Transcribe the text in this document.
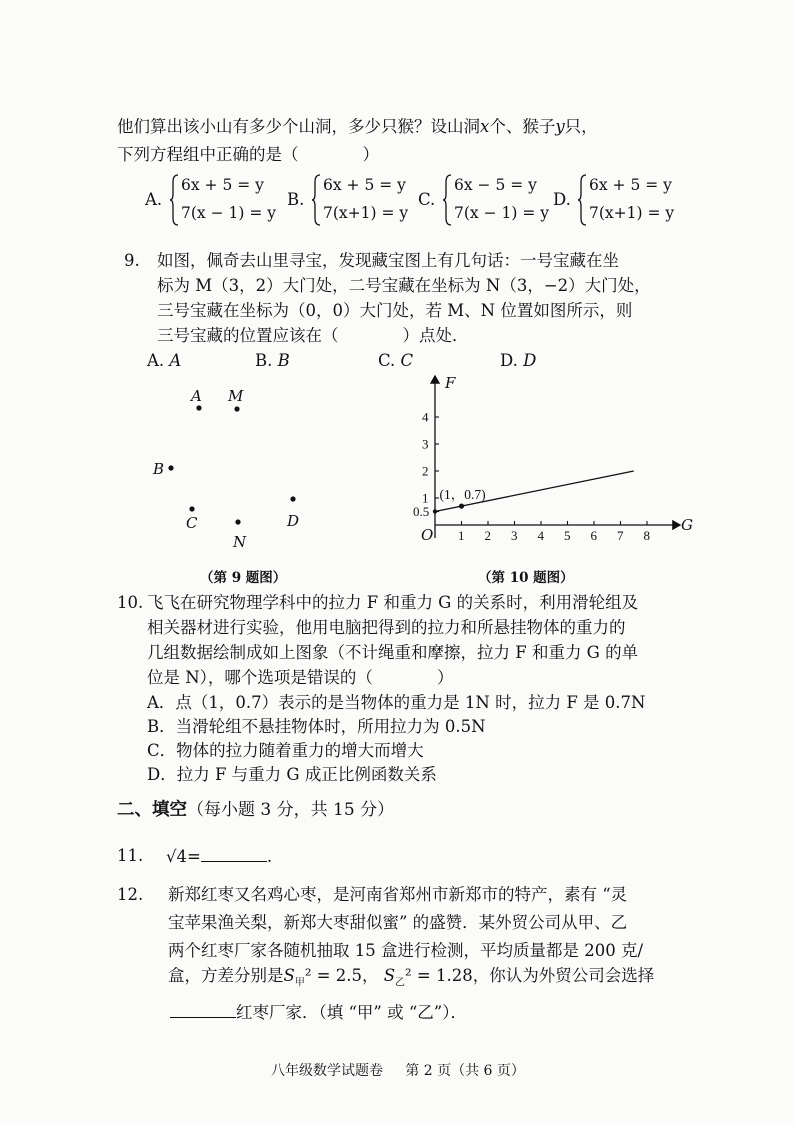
他们算出该小山有多少个山洞，多少只猴？设山洞x个、猴子y只，
下列方程组中正确的是（	）
A.
6x + 5 = y
7(x − 1) = y
B.
6x + 5 = y
7(x+1) = y
C.
6x − 5 = y
7(x − 1) = y
D.
6x + 5 = y
7(x+1) = y
9. 如图，佩奇去山里寻宝，发现藏宝图上有几句话：一号宝藏在坐
标为 M（3，2）大门处，二号宝藏在坐标为 N（3，−2）大门处，
三号宝藏在坐标为（0，0）大门处，若 M、N 位置如图所示，则
三号宝藏的位置应该在（	）点处．
A. A	B. B	C. C	D. D
A M
B
C
N
D
1 2 3 4 5 6 7 8
0.5
1
2
3
4
F
G
O
(1，0.7)
（第 9 题图）	（第 10 题图）
10. 飞飞在研究物理学科中的拉力 F 和重力 G 的关系时，利用滑轮组及
相关器材进行实验，他用电脑把得到的拉力和所悬挂物体的重力的
几组数据绘制成如上图象（不计绳重和摩擦，拉力 F 和重力 G 的单
位是 N），哪个选项是错误的（	）
A．点（1，0.7）表示的是当物体的重力是 1N 时，拉力 F 是 0.7N
B．当滑轮组不悬挂物体时，所用拉力为 0.5N
C．物体的拉力随着重力的增大而增大
D．拉力 F 与重力 G 成正比例函数关系
二、填空（每小题 3 分，共 15 分）
11. √4=	.
12. 新郑红枣又名鸡心枣，是河南省郑州市新郑市的特产，素有 “灵
宝苹果渔关梨，新郑大枣甜似蜜” 的盛赞．某外贸公司从甲、乙
两个红枣厂家各随机抽取 15 盒进行检测，平均质量都是 200 克/
盒，方差分别是$S_甲^2 = 2.5$， $S_乙^2 = 1.28$，你认为外贸公司会选择
红枣厂家．（填 “甲” 或 “乙”）．
八年级数学试题卷 第 2 页（共 6 页）
